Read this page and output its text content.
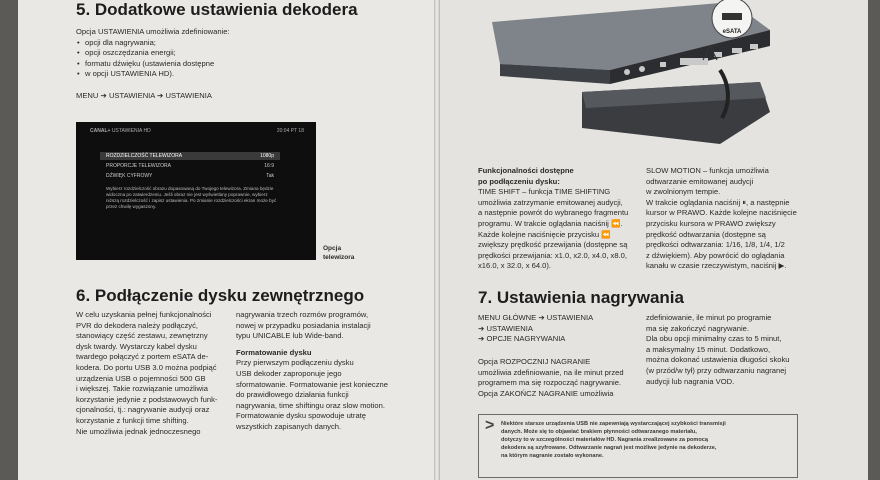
5. Dodatkowe ustawienia dekodera

Opcja USTAWIENIA umożliwia zdefiniowanie:

• opcji dla nagrywania;
• opcji oszczędzania energii;
• formatu dźwięku (ustawienia dostępne
• w opcji USTAWIENIA HD).
MENU ➔ USTAWIENIA ➔ USTAWIENIA
CANAL+ USTAWIENIA HD	20:04 PT 18
ROZDZIELCZOŚĆ TELEWIZORA	1080p
PROPORCJE TELEWIZORA	16:9
DŹWIĘK CYFROWY	Tak
Wybierz rozdzielczość obrazu dopasowaną do Twojego telewizora. Zmiana będzie widoczna po zatwierdzeniu. Jeśli obraz nie jest wyświetlany poprawnie, wybierz niższą rozdzielczość i zapisz ustawienia. Po zmianie rozdzielczości ekran może być przez chwilę wygaszony.
Opcja
telewizora
6. Podłączenie dysku zewnętrznego

W celu uzyskania pełnej funkcjonalności

PVR do dekodera należy podłączyć,

stanowiący część zestawu, zewnętrzny

dysk twardy. Wystarczy kabel dysku

twardego połączyć z portem eSATA de-

kodera. Do portu USB 3.0 można podpiąć

urządzenia USB o pojemności 500 GB

i większej. Takie rozwiązanie umożliwia

korzystanie jedynie z podstawowych funk-

cjonalności, tj.: nagrywanie audycji oraz

korzystanie z funkcji time shifting.

Nie umożliwia jednak jednoczesnego

nagrywania trzech rozmów programów,

nowej w przypadku posiadania instalacji

typu UNICABLE lub Wide-band.

Formatowanie dysku

Przy pierwszym podłączeniu dysku

USB dekoder zaproponuje jego

sformatowanie. Formatowanie jest konieczne

do prawidłowego działania funkcji

nagrywania, time shiftingu oraz slow motion.

Formatowanie dysku spowoduje utratę

wszystkich zapisanych danych.

eSATA

Funkcjonalności dostępne

po podłączeniu dysku:

TIME SHIFT – funkcja TIME SHIFTING

umożliwia zatrzymanie emitowanej audycji,

a następnie powrót do wybranego fragmentu

programu. W trakcie oglądania naciśnij ⏪.

Każde kolejne naciśnięcie przycisku ⏪

zwiększy prędkość przewijania (dostępne są

prędkości przewijania: x1.0, x2.0, x4.0, x8.0,

x16.0, x 32.0, x 64.0).

SLOW MOTION – funkcja umożliwia

odtwarzanie emitowanej audycji

w zwolnionym tempie.

W trakcie oglądania naciśnij ⏸, a następnie

kursor w PRAWO. Każde kolejne naciśnięcie

przycisku kursora w PRAWO zwiększy

prędkość odtwarzania (dostępne są

prędkości odtwarzania: 1/16, 1/8, 1/4, 1/2

z dźwiękiem). Aby powrócić do oglądania

kanału w czasie rzeczywistym, naciśnij ▶.

7. Ustawienia nagrywania

MENU GŁÓWNE ➔ USTAWIENIA

➔ USTAWIENIA

➔ OPCJE NAGRYWANIA

Opcja ROZPOCZNIJ NAGRANIE

umożliwia zdefiniowanie, na ile minut przed

programem ma się rozpocząć nagrywanie.

Opcja ZAKOŃCZ NAGRANIE umożliwia

zdefiniowanie, ile minut po programie

ma się zakończyć nagrywanie.

Dla obu opcji minimalny czas to 5 minut,

a maksymalny 15 minut. Dodatkowo,

można dokonać ustawienia długości skoku

(w przód/w tył) przy odtwarzaniu nagranej

audycji lub nagrania VOD.

> Niektóre starsze urządzenia USB nie zapewniają wystarczającej szybkości transmisji
danych. Może się to objawiać brakiem płynności odtwarzanego materiału,
dotyczy to w szczególności materiałów HD. Nagrania zrealizowane za pomocą
dekodera są szyfrowane. Odtwarzanie nagrań jest możliwe jedynie na dekoderze,
na którym nagranie zostało wykonane.
